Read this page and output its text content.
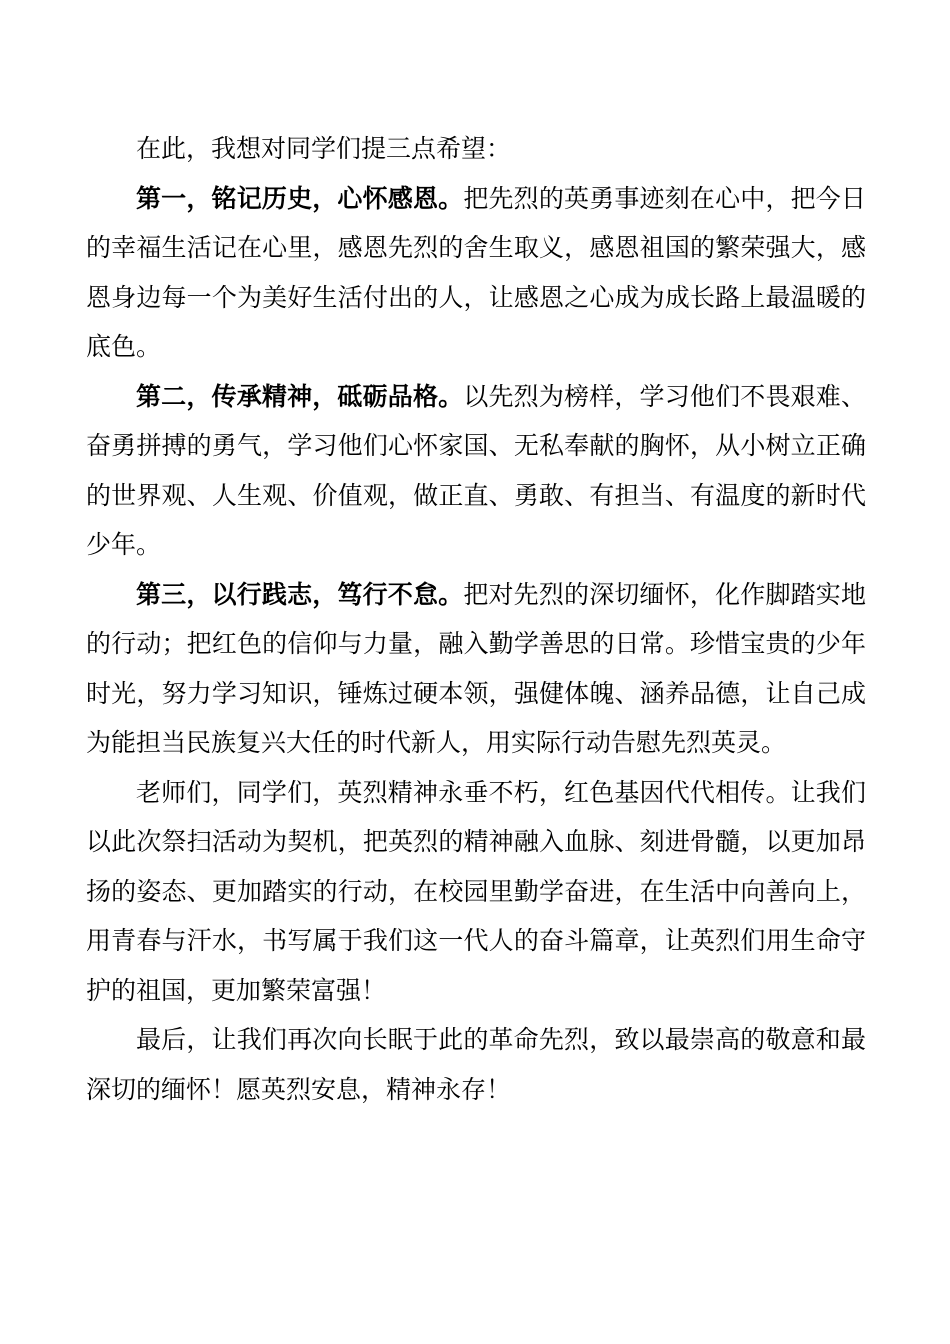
在此，我想对同学们提三点希望：

第一，铭记历史，心怀感恩。把先烈的英勇事迹刻在心中，把今日的幸福生活记在心里，感恩先烈的舍生取义，感恩祖国的繁荣强大，感恩身边每一个为美好生活付出的人，让感恩之心成为成长路上最温暖的底色。

第二，传承精神，砥砺品格。以先烈为榜样，学习他们不畏艰难、奋勇拼搏的勇气，学习他们心怀家国、无私奉献的胸怀，从小树立正确的世界观、人生观、价值观，做正直、勇敢、有担当、有温度的新时代少年。

第三，以行践志，笃行不怠。把对先烈的深切缅怀，化作脚踏实地的行动；把红色的信仰与力量，融入勤学善思的日常。珍惜宝贵的少年时光，努力学习知识，锤炼过硬本领，强健体魄、涵养品德，让自己成为能担当民族复兴大任的时代新人，用实际行动告慰先烈英灵。

老师们，同学们，英烈精神永垂不朽，红色基因代代相传。让我们以此次祭扫活动为契机，把英烈的精神融入血脉、刻进骨髓，以更加昂扬的姿态、更加踏实的行动，在校园里勤学奋进，在生活中向善向上，用青春与汗水，书写属于我们这一代人的奋斗篇章，让英烈们用生命守护的祖国，更加繁荣富强！

最后，让我们再次向长眠于此的革命先烈，致以最崇高的敬意和最深切的缅怀！愿英烈安息，精神永存！
